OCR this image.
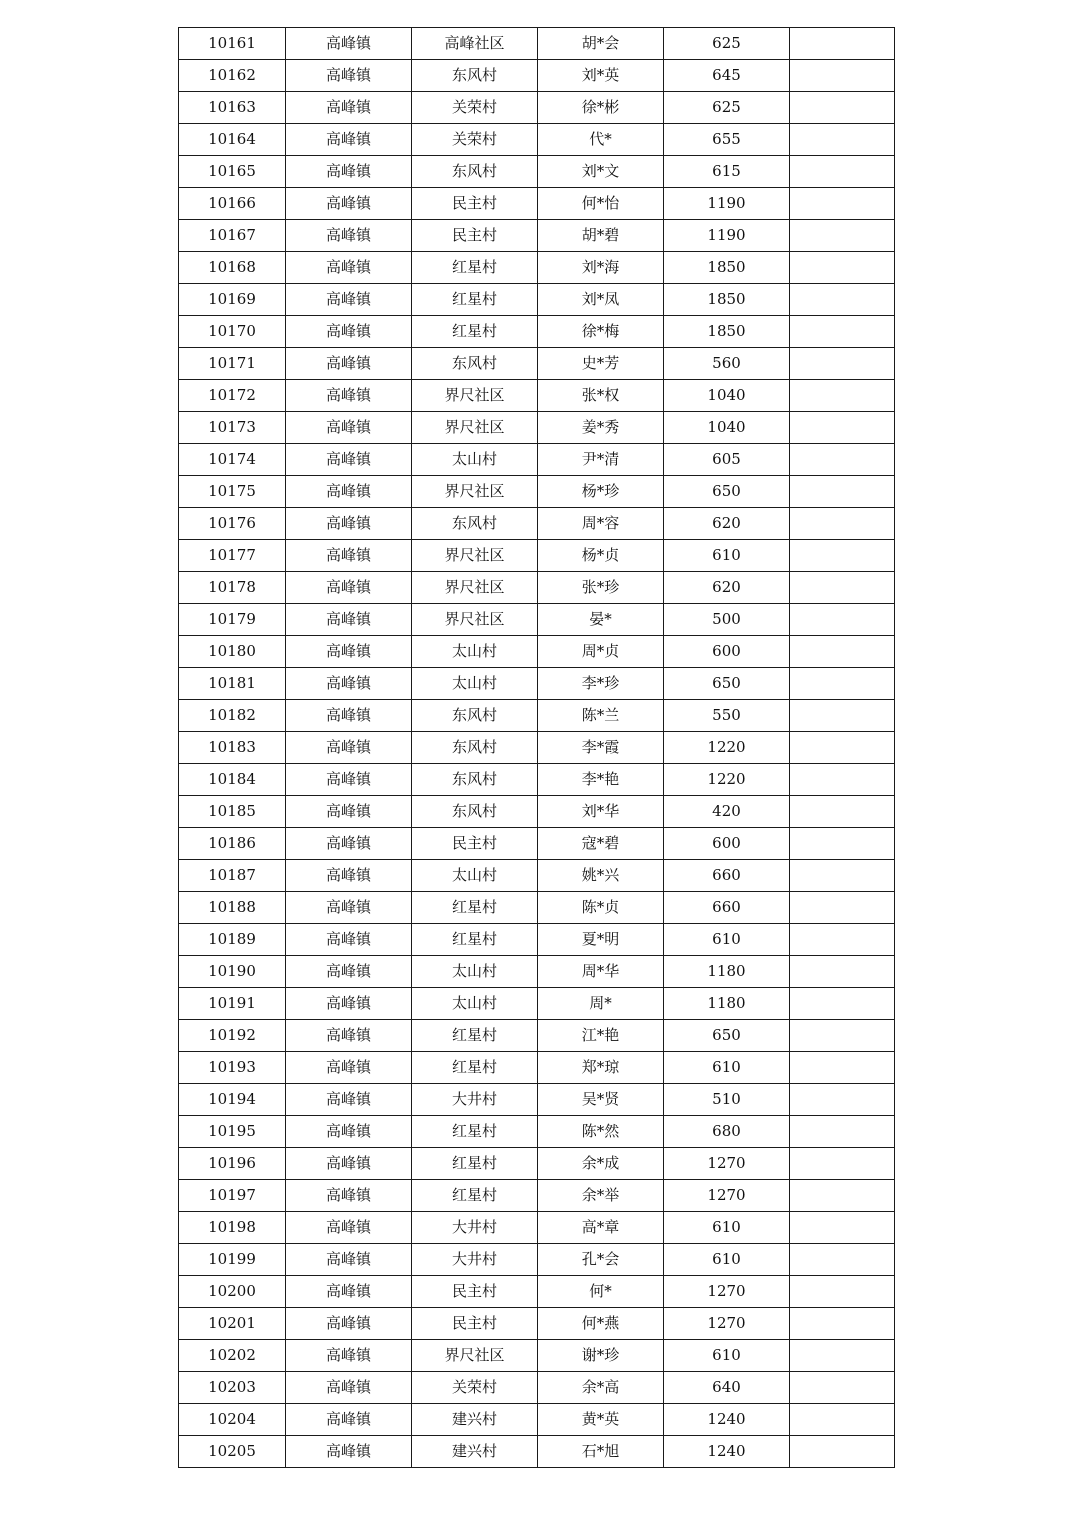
10161	高峰镇	高峰社区	胡*会	625	
10162	高峰镇	东风村	刘*英	645	
10163	高峰镇	关荣村	徐*彬	625	
10164	高峰镇	关荣村	代*	655	
10165	高峰镇	东风村	刘*文	615	
10166	高峰镇	民主村	何*怡	1190	
10167	高峰镇	民主村	胡*碧	1190	
10168	高峰镇	红星村	刘*海	1850	
10169	高峰镇	红星村	刘*凤	1850	
10170	高峰镇	红星村	徐*梅	1850	
10171	高峰镇	东风村	史*芳	560	
10172	高峰镇	界尺社区	张*权	1040	
10173	高峰镇	界尺社区	姜*秀	1040	
10174	高峰镇	太山村	尹*清	605	
10175	高峰镇	界尺社区	杨*珍	650	
10176	高峰镇	东风村	周*容	620	
10177	高峰镇	界尺社区	杨*贞	610	
10178	高峰镇	界尺社区	张*珍	620	
10179	高峰镇	界尺社区	晏*	500	
10180	高峰镇	太山村	周*贞	600	
10181	高峰镇	太山村	李*珍	650	
10182	高峰镇	东风村	陈*兰	550	
10183	高峰镇	东风村	李*霞	1220	
10184	高峰镇	东风村	李*艳	1220	
10185	高峰镇	东风村	刘*华	420	
10186	高峰镇	民主村	寇*碧	600	
10187	高峰镇	太山村	姚*兴	660	
10188	高峰镇	红星村	陈*贞	660	
10189	高峰镇	红星村	夏*明	610	
10190	高峰镇	太山村	周*华	1180	
10191	高峰镇	太山村	周*	1180	
10192	高峰镇	红星村	江*艳	650	
10193	高峰镇	红星村	郑*琼	610	
10194	高峰镇	大井村	吴*贤	510	
10195	高峰镇	红星村	陈*然	680	
10196	高峰镇	红星村	余*成	1270	
10197	高峰镇	红星村	余*举	1270	
10198	高峰镇	大井村	高*章	610	
10199	高峰镇	大井村	孔*会	610	
10200	高峰镇	民主村	何*	1270	
10201	高峰镇	民主村	何*燕	1270	
10202	高峰镇	界尺社区	谢*珍	610	
10203	高峰镇	关荣村	余*高	640	
10204	高峰镇	建兴村	黄*英	1240	
10205	高峰镇	建兴村	石*旭	1240	
